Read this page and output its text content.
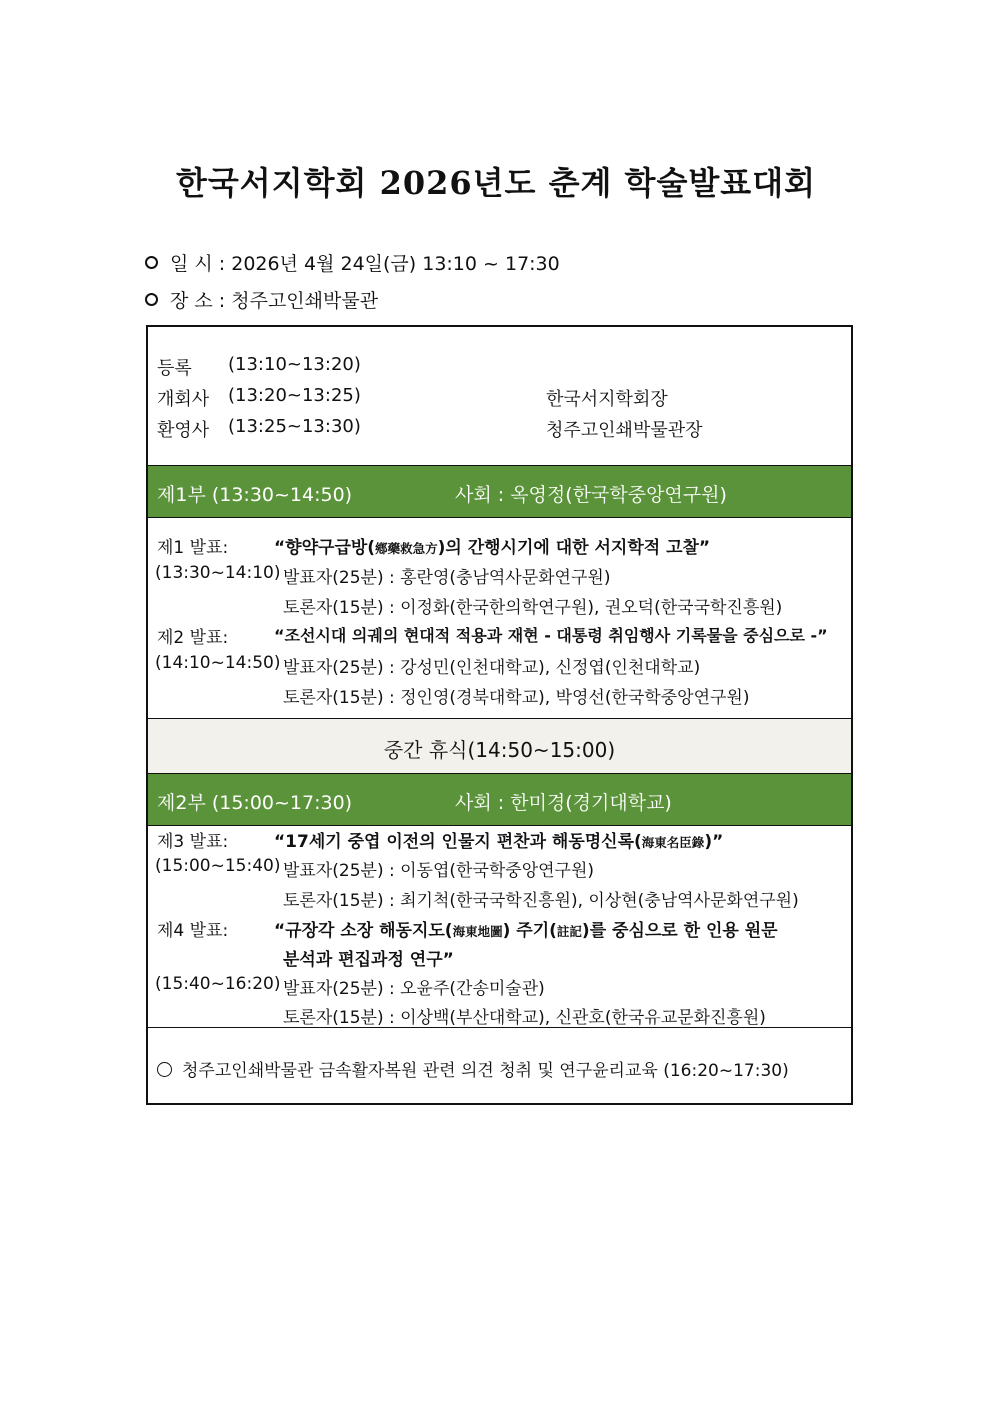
한국서지학회 2026년도 춘계 학술발표대회
일 시 : 2026년 4월 24일(금) 13:10 ~ 17:30
장 소 : 청주고인쇄박물관
등록 (13:10~13:20)
개회사 (13:20~13:25)	한국서지학회장
환영사 (13:25~13:30)	청주고인쇄박물관장
제1부 (13:30~14:50)	사회 : 옥영정(한국학중앙연구원)
제1 발표:	“향약구급방(鄕藥救急方)의 간행시기에 대한 서지학적 고찰”
(13:30~14:10) 발표자(25분) : 홍란영(충남역사문화연구원)
토론자(15분) : 이정화(한국한의학연구원), 권오덕(한국국학진흥원)
제2 발표:	“조선시대 의궤의 현대적 적용과 재현 - 대통령 취임행사 기록물을 중심으로 -”
(14:10~14:50) 발표자(25분) : 강성민(인천대학교), 신정엽(인천대학교)
토론자(15분) : 정인영(경북대학교), 박영선(한국학중앙연구원)
중간 휴식(14:50~15:00)
제2부 (15:00~17:30)	사회 : 한미경(경기대학교)
제3 발표:	“17세기 중엽 이전의 인물지 편찬과 해동명신록(海東名臣錄)”
(15:00~15:40) 발표자(25분) : 이동엽(한국학중앙연구원)
토론자(15분) : 최기척(한국국학진흥원), 이상현(충남역사문화연구원)
제4 발표:	“규장각 소장 해동지도(海東地圖) 주기(註記)를 중심으로 한 인용 원문
분석과 편집과정 연구”
(15:40~16:20) 발표자(25분) : 오윤주(간송미술관)
토론자(15분) : 이상백(부산대학교), 신관호(한국유교문화진흥원)
청주고인쇄박물관 금속활자복원 관련 의견 청취 및 연구윤리교육 (16:20~17:30)
